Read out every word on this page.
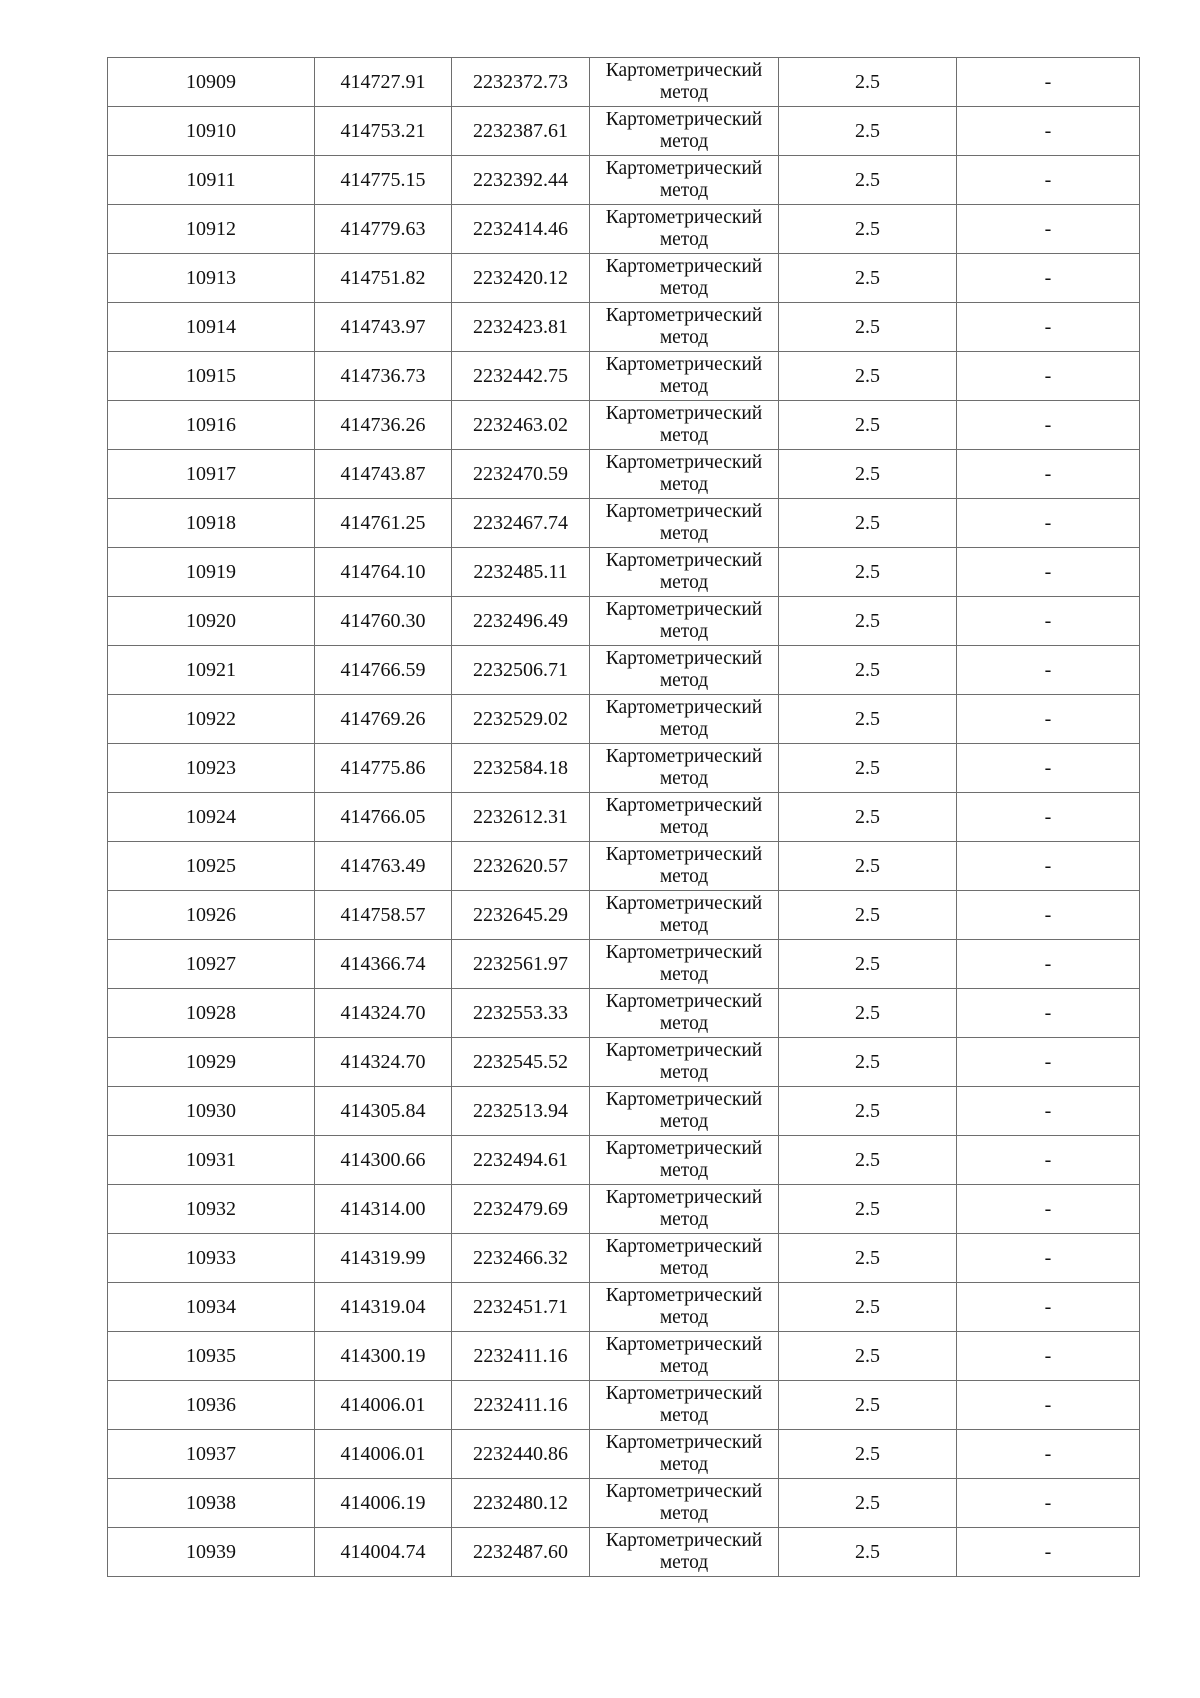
10909	414727.91	2232372.73	Картометрический метод	2.5	-
10910	414753.21	2232387.61	Картометрический метод	2.5	-
10911	414775.15	2232392.44	Картометрический метод	2.5	-
10912	414779.63	2232414.46	Картометрический метод	2.5	-
10913	414751.82	2232420.12	Картометрический метод	2.5	-
10914	414743.97	2232423.81	Картометрический метод	2.5	-
10915	414736.73	2232442.75	Картометрический метод	2.5	-
10916	414736.26	2232463.02	Картометрический метод	2.5	-
10917	414743.87	2232470.59	Картометрический метод	2.5	-
10918	414761.25	2232467.74	Картометрический метод	2.5	-
10919	414764.10	2232485.11	Картометрический метод	2.5	-
10920	414760.30	2232496.49	Картометрический метод	2.5	-
10921	414766.59	2232506.71	Картометрический метод	2.5	-
10922	414769.26	2232529.02	Картометрический метод	2.5	-
10923	414775.86	2232584.18	Картометрический метод	2.5	-
10924	414766.05	2232612.31	Картометрический метод	2.5	-
10925	414763.49	2232620.57	Картометрический метод	2.5	-
10926	414758.57	2232645.29	Картометрический метод	2.5	-
10927	414366.74	2232561.97	Картометрический метод	2.5	-
10928	414324.70	2232553.33	Картометрический метод	2.5	-
10929	414324.70	2232545.52	Картометрический метод	2.5	-
10930	414305.84	2232513.94	Картометрический метод	2.5	-
10931	414300.66	2232494.61	Картометрический метод	2.5	-
10932	414314.00	2232479.69	Картометрический метод	2.5	-
10933	414319.99	2232466.32	Картометрический метод	2.5	-
10934	414319.04	2232451.71	Картометрический метод	2.5	-
10935	414300.19	2232411.16	Картометрический метод	2.5	-
10936	414006.01	2232411.16	Картометрический метод	2.5	-
10937	414006.01	2232440.86	Картометрический метод	2.5	-
10938	414006.19	2232480.12	Картометрический метод	2.5	-
10939	414004.74	2232487.60	Картометрический метод	2.5	-
